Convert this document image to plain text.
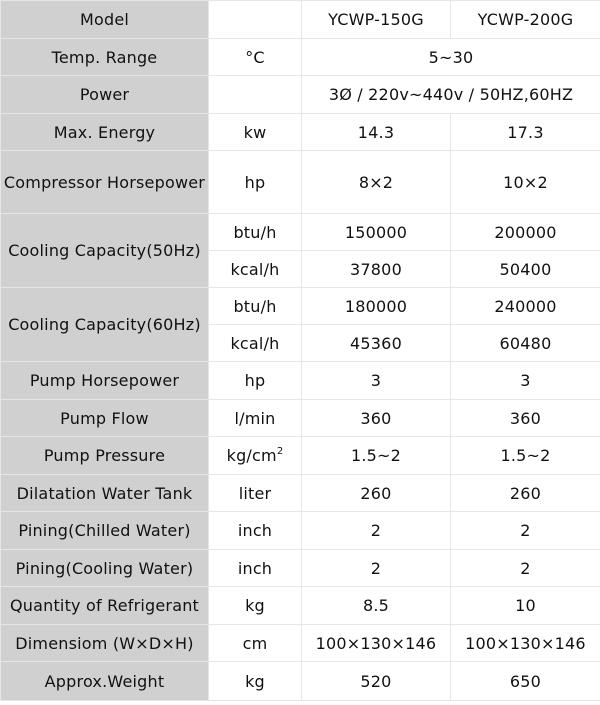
Model		YCWP-150G	YCWP-200G
Temp. Range	°C	5~30	
Power		3Ø / 220v~440v / 50HZ,60HZ	
Max. Energy	kw	14.3	17.3
Compressor Horsepower	hp	8×2	10×2
Cooling Capacity(50Hz)	btu/h	150000	200000
	kcal/h	37800	50400
Cooling Capacity(60Hz)	btu/h	180000	240000
	kcal/h	45360	60480
Pump Horsepower	hp	3	3
Pump Flow	l/min	360	360
Pump Pressure	$kg/cm^2$	1.5~2	1.5~2
Dilatation Water Tank	liter	260	260
Pining(Chilled Water)	inch	2	2
Pining(Cooling Water)	inch	2	2
Quantity of Refrigerant	kg	8.5	10
Dimensiom (W×D×H)	cm	100×130×146	100×130×146
Approx.Weight	kg	520	650
